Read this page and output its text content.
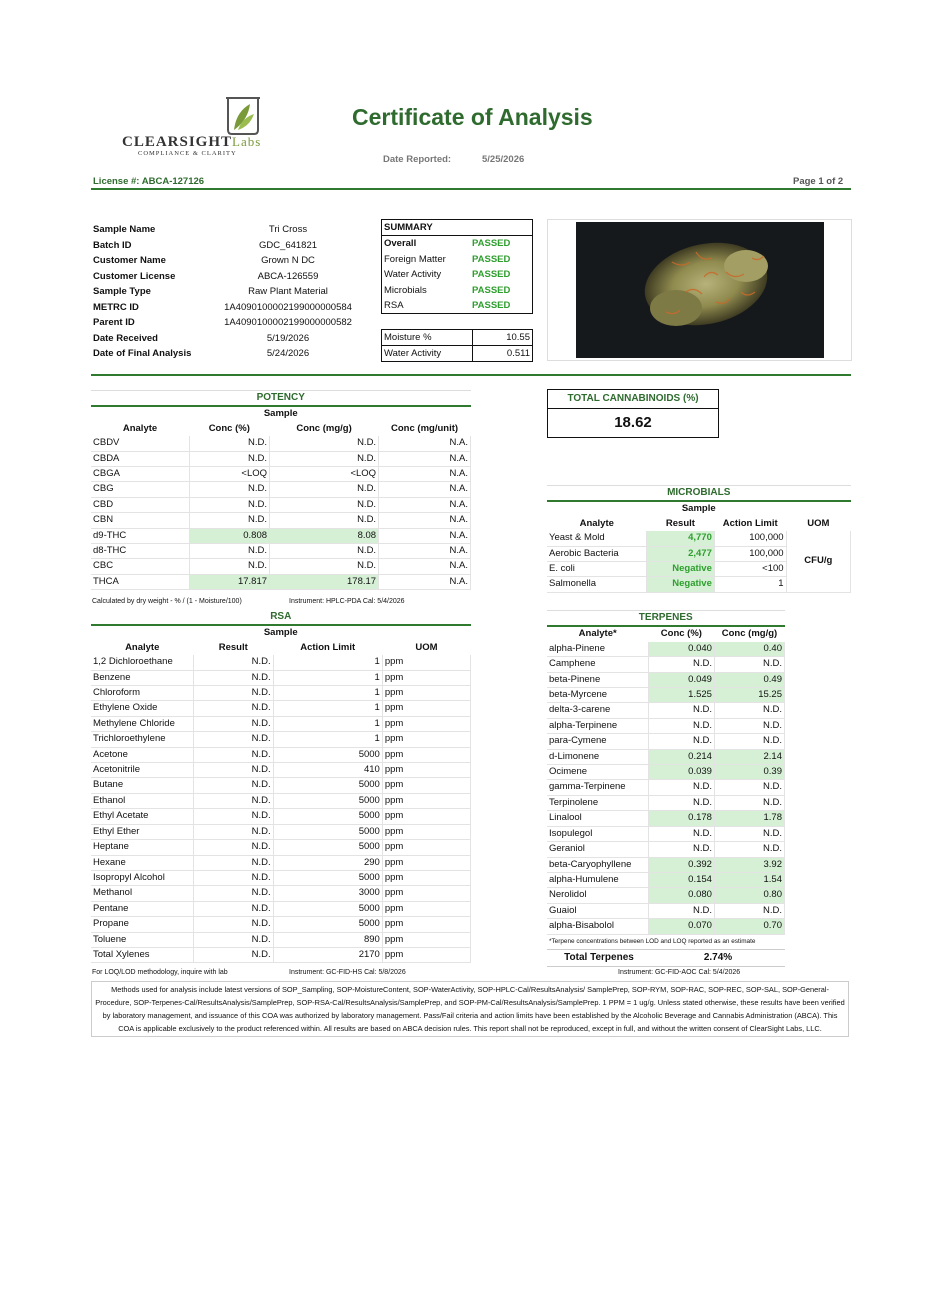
CLEARSIGHTLabs
COMPLIANCE & CLARITY
Certificate of Analysis
Date Reported:	5/25/2026
License #: ABCA-127126	Page 1 of 2
Sample Name	Tri Cross
Batch ID	GDC_641821
Customer Name	Grown N DC
Customer License	ABCA-126559
Sample Type	Raw Plant Material
METRC ID	1A4090100002199000000584
Parent ID	1A4090100002199000000582
Date Received	5/19/2026
Date of Final Analysis	5/24/2026
SUMMARY
Overall	PASSED
Foreign Matter	PASSED
Water Activity	PASSED
Microbials	PASSED
RSA	PASSED
Moisture %	10.55
Water Activity	0.511
POTENCY			
Sample			
Analyte	Conc (%)	Conc (mg/g)	Conc (mg/unit)
CBDV	N.D.	N.D.	N.A.
CBDA	N.D.	N.D.	N.A.
CBGA	<LOQ	<LOQ	N.A.
CBG	N.D.	N.D.	N.A.
CBD	N.D.	N.D.	N.A.
CBN	N.D.	N.D.	N.A.
d9-THC	0.808	8.08	N.A.
d8-THC	N.D.	N.D.	N.A.
CBC	N.D.	N.D.	N.A.
THCA	17.817	178.17	N.A.
Calculated by dry weight - % / (1 - Moisture/100)	Instrument: HPLC-PDA Cal: 5/4/2026
TOTAL CANNABINOIDS (%)
18.62
MICROBIALS			
Sample			
Analyte	Result	Action Limit	UOM
Yeast & Mold	4,770	100,000	CFU/g
Aerobic Bacteria	2,477	100,000	
E. coli	Negative	<100	
Salmonella	Negative	1	
RSA			
Sample			
Analyte	Result	Action Limit	UOM
1,2 Dichloroethane	N.D.	1	ppm
Benzene	N.D.	1	ppm
Chloroform	N.D.	1	ppm
Ethylene Oxide	N.D.	1	ppm
Methylene Chloride	N.D.	1	ppm
Trichloroethylene	N.D.	1	ppm
Acetone	N.D.	5000	ppm
Acetonitrile	N.D.	410	ppm
Butane	N.D.	5000	ppm
Ethanol	N.D.	5000	ppm
Ethyl Acetate	N.D.	5000	ppm
Ethyl Ether	N.D.	5000	ppm
Heptane	N.D.	5000	ppm
Hexane	N.D.	290	ppm
Isopropyl Alcohol	N.D.	5000	ppm
Methanol	N.D.	3000	ppm
Pentane	N.D.	5000	ppm
Propane	N.D.	5000	ppm
Toluene	N.D.	890	ppm
Total Xylenes	N.D.	2170	ppm
For LOQ/LOD methodology, inquire with lab	Instrument: GC-FID-HS Cal: 5/8/2026
TERPENES		
Analyte*	Conc (%)	Conc (mg/g)
alpha-Pinene	0.040	0.40
Camphene	N.D.	N.D.
beta-Pinene	0.049	0.49
beta-Myrcene	1.525	15.25
delta-3-carene	N.D.	N.D.
alpha-Terpinene	N.D.	N.D.
para-Cymene	N.D.	N.D.
d-Limonene	0.214	2.14
Ocimene	0.039	0.39
gamma-Terpinene	N.D.	N.D.
Terpinolene	N.D.	N.D.
Linalool	0.178	1.78
Isopulegol	N.D.	N.D.
Geraniol	N.D.	N.D.
beta-Caryophyllene	0.392	3.92
alpha-Humulene	0.154	1.54
Nerolidol	0.080	0.80
Guaiol	N.D.	N.D.
alpha-Bisabolol	0.070	0.70
*Terpene concentrations between LOD and LOQ reported as an estimate
Total Terpenes	2.74%
Instrument: GC-FID-AOC Cal: 5/4/2026
Methods used for analysis include latest versions of SOP_Sampling, SOP-MoistureContent, SOP-WaterActivity, SOP-HPLC-Cal/ResultsAnalysis/ SamplePrep, SOP-RYM, SOP-RAC, SOP-REC, SOP-SAL, SOP-General-Procedure, SOP-Terpenes-Cal/ResultsAnalysis/SamplePrep, SOP-RSA-Cal/ResultsAnalysis/SamplePrep, and SOP-PM-Cal/ResultsAnalysis/SamplePrep. 1 PPM = 1 ug/g. Unless stated otherwise, these results have been verified by laboratory management, and issuance of this COA was authorized by laboratory management. Pass/Fail criteria and action limits have been established by the Alcoholic Beverage and Cannabis Administration (ABCA). This COA is applicable exclusively to the product referenced within. All results are based on ABCA decision rules. This report shall not be reproduced, except in full, and without the written consent of ClearSight Labs, LLC.
